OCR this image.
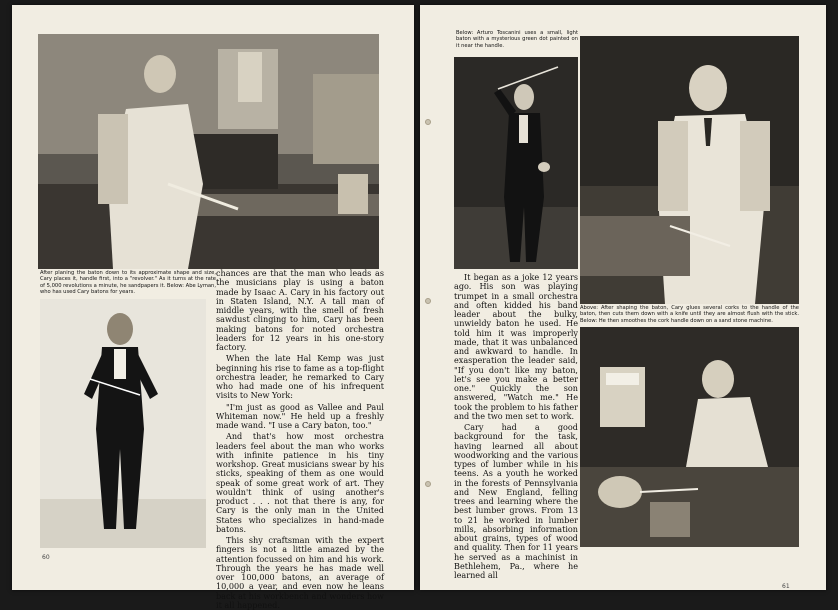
After planing the baton down to its approximate shape and size, Cary places it, handle first, into a "revolver." As it turns at the rate of 5,000 revolutions a minute, he sandpapers it. Below: Abe Lyman, who has used Cary batons for years.

chances are that the man who leads as the musicians play is using a baton made by Isaac A. Cary in his factory out in Staten Island, N.Y. A tall man of middle years, with the smell of fresh sawdust clinging to him, Cary has been making batons for noted orchestra leaders for 12 years in his one-story factory.

When the late Hal Kemp was just beginning his rise to fame as a top-flight orchestra leader, he remarked to Cary who had made one of his infrequent visits to New York:

"I'm just as good as Vallee and Paul Whiteman now." He held up a freshly made wand. "I use a Cary baton, too."

And that's how most orchestra leaders feel about the man who works with infinite patience in his tiny workshop. Great musicians swear by his sticks, speaking of them as one would speak of some great work of art. They wouldn't think of using another's product . . . not that there is any, for Cary is the only man in the United States who specializes in hand-made batons.

This shy craftsman with the expert fingers is not a little amazed by the attention focussed on him and his work. Through the years he has made well over 100,000 batons, an average of 10,000 a year, and even now he leans back at his workbench and wonders how it all happened.

60

Below: Arturo Toscanini uses a small, light baton with a mysterious green dot painted on it near the handle.

It began as a joke 12 years ago. His son was playing trumpet in a small orchestra and often kidded his band leader about the bulky, unwieldy baton he used. He told him it was improperly made, that it was unbalanced and awkward to handle. In exasperation the leader said, "If you don't like my baton, let's see you make a better one." Quickly the son answered, "Watch me." He took the problem to his father and the two men set to work.

Cary had a good background for the task, having learned all about woodworking and the various types of lumber while in his teens. As a youth he worked in the forests of Pennsylvania and New England, felling trees and learning where the best lumber grows. From 13 to 21 he worked in lumber mills, absorbing information about grains, types of wood and quality. Then for 11 years he served as a machinist in Bethlehem, Pa., where he learned all

Above: After shaping the baton, Cary glues several corks to the handle of the baton, then cuts them down with a knife until they are almost flush with the stick. Below: He then smoothes the cork handle down on a sand stone machine.

61
